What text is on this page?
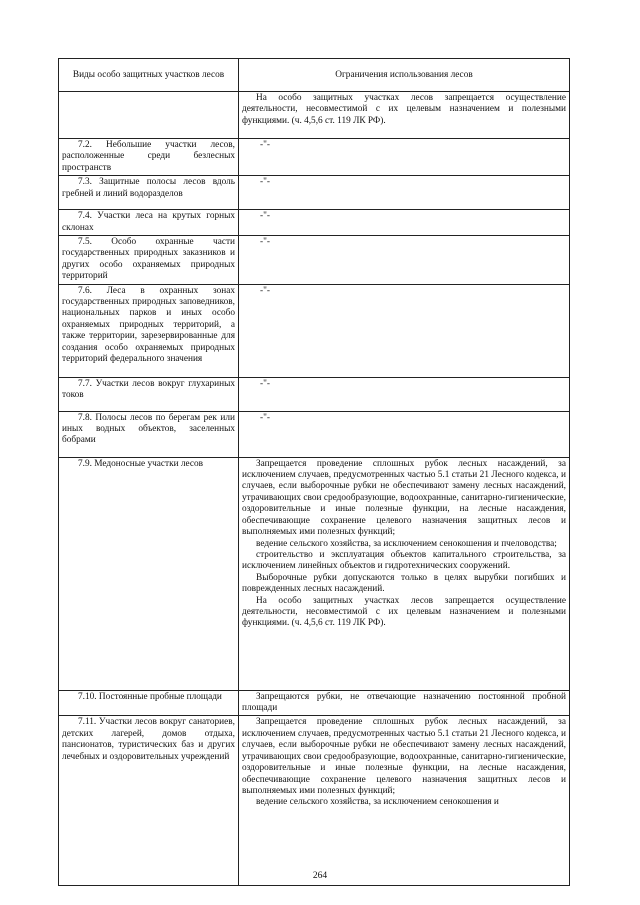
Виды особо защитных участков лесов	Ограничения использования лесов

	На особо защитных участках лесов запрещается осуществление деятельности, несовместимой с их целевым назначением и полезными функциями. (ч. 4,5,6 ст. 119 ЛК РФ).

7.2. Небольшие участки лесов, расположенные среди безлесных пространств	-"-

7.3. Защитные полосы лесов вдоль гребней и линий водоразделов	-"-

7.4. Участки леса на крутых горных склонах	-"-

7.5. Особо охранные части государственных природных заказников и других особо охраняемых природных территорий	-"-

7.6. Леса в охранных зонах государственных природных заповедников, национальных парков и иных особо охраняемых природных территорий, а также территории, зарезервированные для создания особо охраняемых природных территорий федерального значения	-"-

7.7. Участки лесов вокруг глухариных токов	-"-

7.8. Полосы лесов по берегам рек или иных водных объектов, заселенных бобрами	-"-

7.9. Медоносные участки лесов	Запрещается проведение сплошных рубок лесных насаждений, за исключением случаев, предусмотренных частью 5.1 статьи 21 Лесного кодекса, и случаев, если выборочные рубки не обеспечивают замену лесных насаждений, утрачивающих свои средообразующие, водоохранные, санитарно-гигиенические, оздоровительные и иные полезные функции, на лесные насаждения, обеспечивающие сохранение целевого назначения защитных лесов и выполняемых ими полезных функций;
ведение сельского хозяйства, за исключением сенокошения и пчеловодства;
строительство и эксплуатация объектов капитального строительства, за исключением линейных объектов и гидротехнических сооружений.
Выборочные рубки допускаются только в целях вырубки погибших и поврежденных лесных насаждений.
На особо защитных участках лесов запрещается осуществление деятельности, несовместимой с их целевым назначением и полезными функциями. (ч. 4,5,6 ст. 119 ЛК РФ).

7.10. Постоянные пробные площади	Запрещаются рубки, не отвечающие назначению постоянной пробной площади

7.11. Участки лесов вокруг санаториев, детских лагерей, домов отдыха, пансионатов, туристических баз и других лечебных и оздоровительных учреждений	Запрещается проведение сплошных рубок лесных насаждений, за исключением случаев, предусмотренных частью 5.1 статьи 21 Лесного кодекса, и случаев, если выборочные рубки не обеспечивают замену лесных насаждений, утрачивающих свои средообразующие, водоохранные, санитарно-гигиенические, оздоровительные и иные полезные функции, на лесные насаждения, обеспечивающие сохранение целевого назначения защитных лесов и выполняемых ими полезных функций;
ведение сельского хозяйства, за исключением сенокошения и
264
